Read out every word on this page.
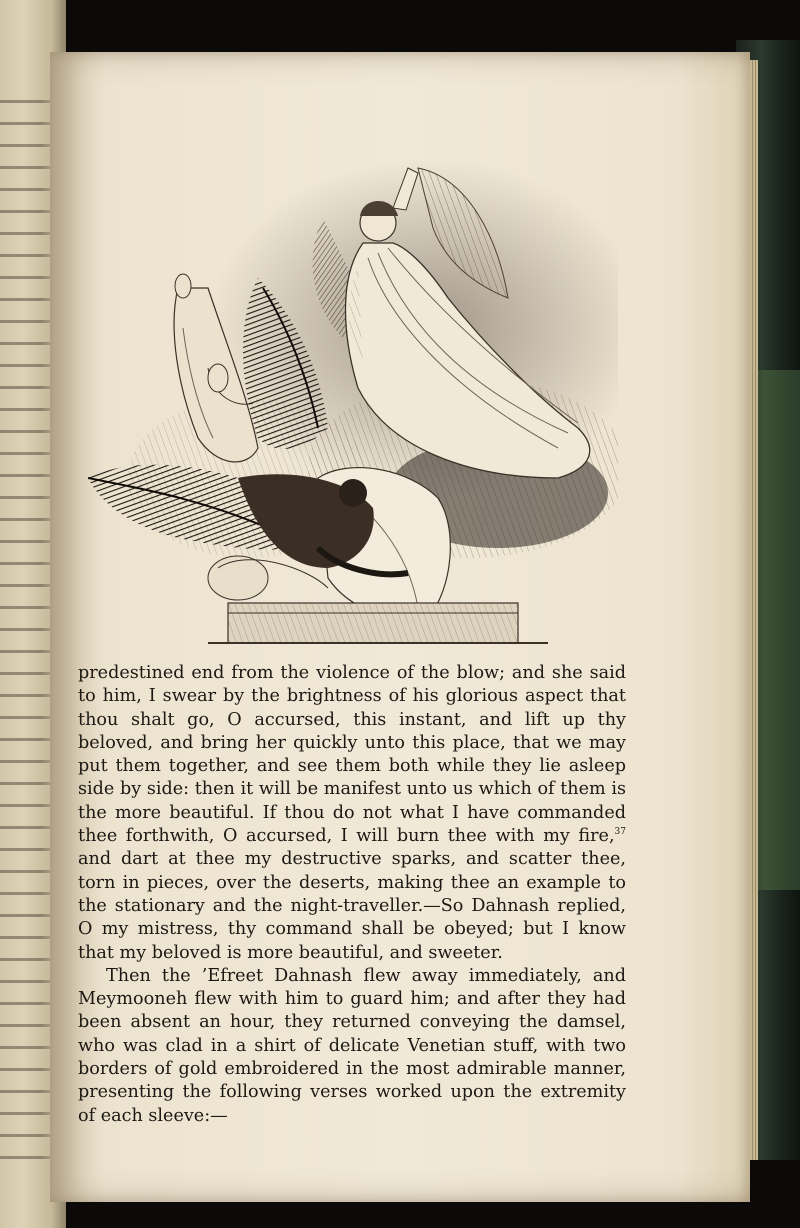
predestined end from the violence of the blow; and she said to him, I swear by the brightness of his glorious aspect that thou shalt go, O accursed, this instant, and lift up thy beloved, and bring her quickly unto this place, that we may put them together, and see them both while they lie asleep side by side: then it will be manifest unto us which of them is the more beautiful. If thou do not what I have commanded thee forthwith, O accursed, I will burn thee with my fire,$^{37}$ and dart at thee my destructive sparks, and scatter thee, torn in pieces, over the deserts, making thee an example to the stationary and the night-traveller.—So Dahnash replied, O my mistress, thy command shall be obeyed; but I know that my beloved is more beautiful, and sweeter.

Then the ’Efreet Dahnash flew away immediately, and Meymooneh flew with him to guard him; and after they had been absent an hour, they returned conveying the damsel, who was clad in a shirt of delicate Venetian stuff, with two borders of gold embroidered in the most admirable manner, presenting the following verses worked upon the extremity of each sleeve:—
